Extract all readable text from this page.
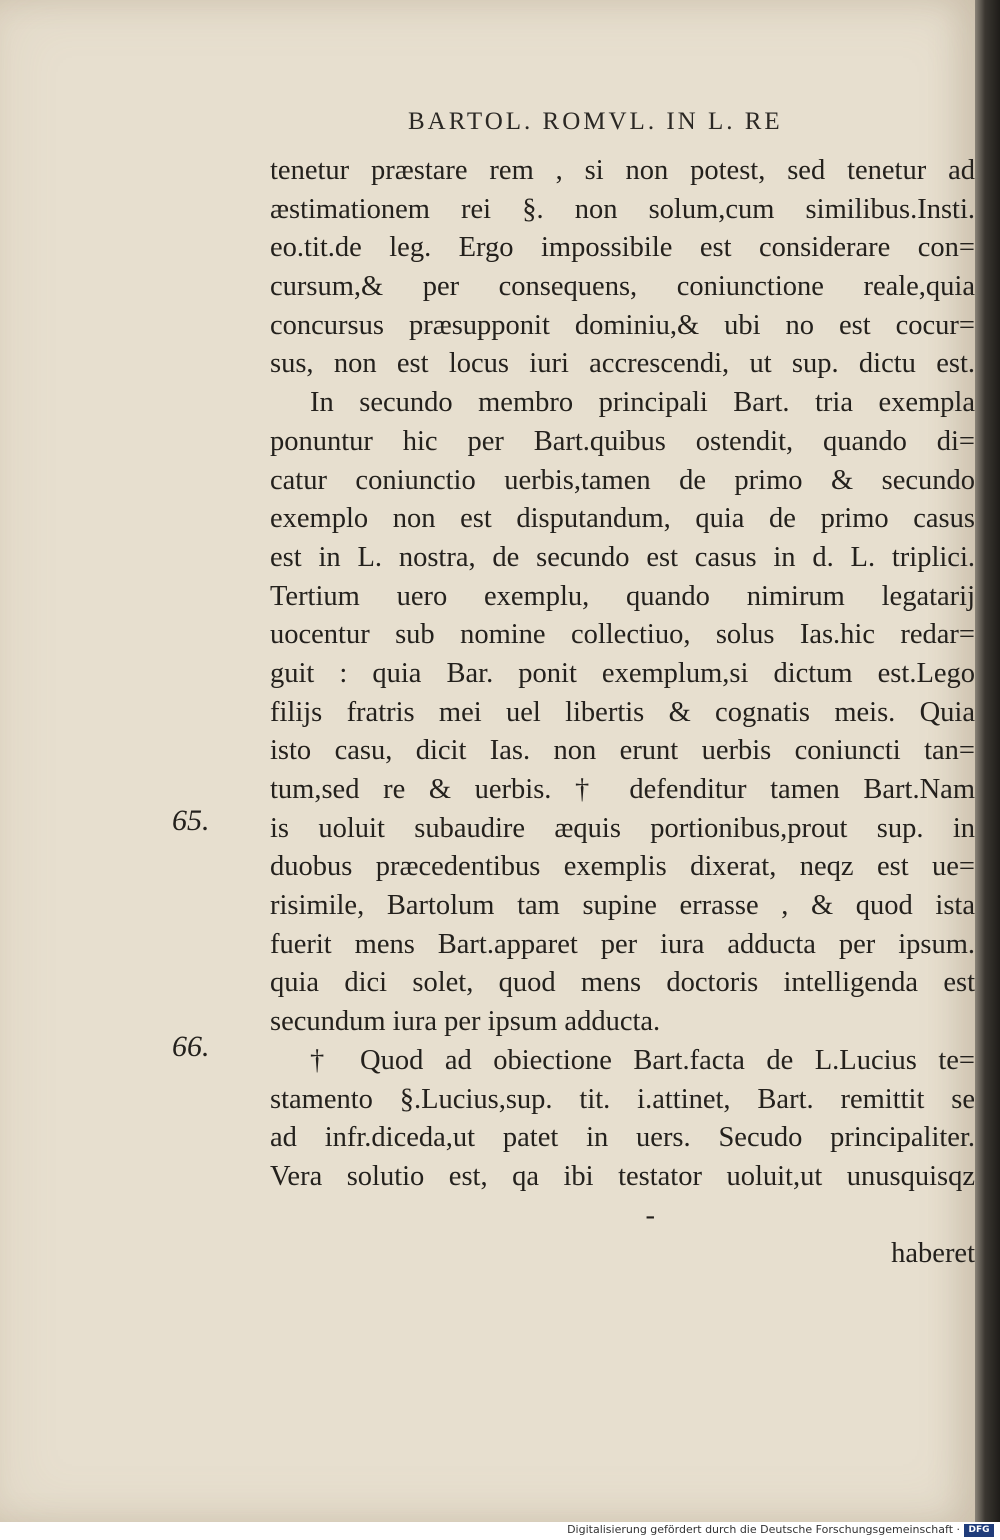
BARTOL. ROMVL. IN L. RE
tenetur præstare rem , si non potest, sed tenetur ad
æstimationem rei §. non solum,cum similibus.Insti.
eo.tit.de leg. Ergo impossibile est considerare con=
cursum,& per consequens, coniunctione reale,quia
concursus præsupponit dominiu,& ubi no est cocur=
sus, non est locus iuri accrescendi, ut sup. dictu est.
In secundo membro principali Bart. tria exempla
ponuntur hic per Bart.quibus ostendit, quando di=
catur coniunctio uerbis,tamen de primo & secundo
exemplo non est disputandum, quia de primo casus
est in L. nostra, de secundo est casus in d. L. triplici.
Tertium uero exemplu, quando nimirum legatarij
uocentur sub nomine collectiuo, solus Ias.hic redar=
guit : quia Bar. ponit exemplum,si dictum est.Lego
filijs fratris mei uel libertis & cognatis meis. Quia
isto casu, dicit Ias. non erunt uerbis coniuncti tan=
tum,sed re & uerbis. † defenditur tamen Bart.Nam
is uoluit subaudire æquis portionibus,prout sup. in
duobus præcedentibus exemplis dixerat, neqz est ue=
risimile, Bartolum tam supine errasse , & quod ista
fuerit mens Bart.apparet per iura adducta per ipsum.
quia dici solet, quod mens doctoris intelligenda est
secundum iura per ipsum adducta.
† Quod ad obiectione Bart.facta de L.Lucius te=
stamento §.Lucius,sup. tit. i.attinet, Bart. remittit se
ad infr.diceda,ut patet in uers. Secudo principaliter.
Vera solutio est, qa ibi testator uoluit,ut unusquisqz
-
haberet
65.
66.
Digitalisierung gefördert durch die Deutsche Forschungsgemeinschaft · DFG
